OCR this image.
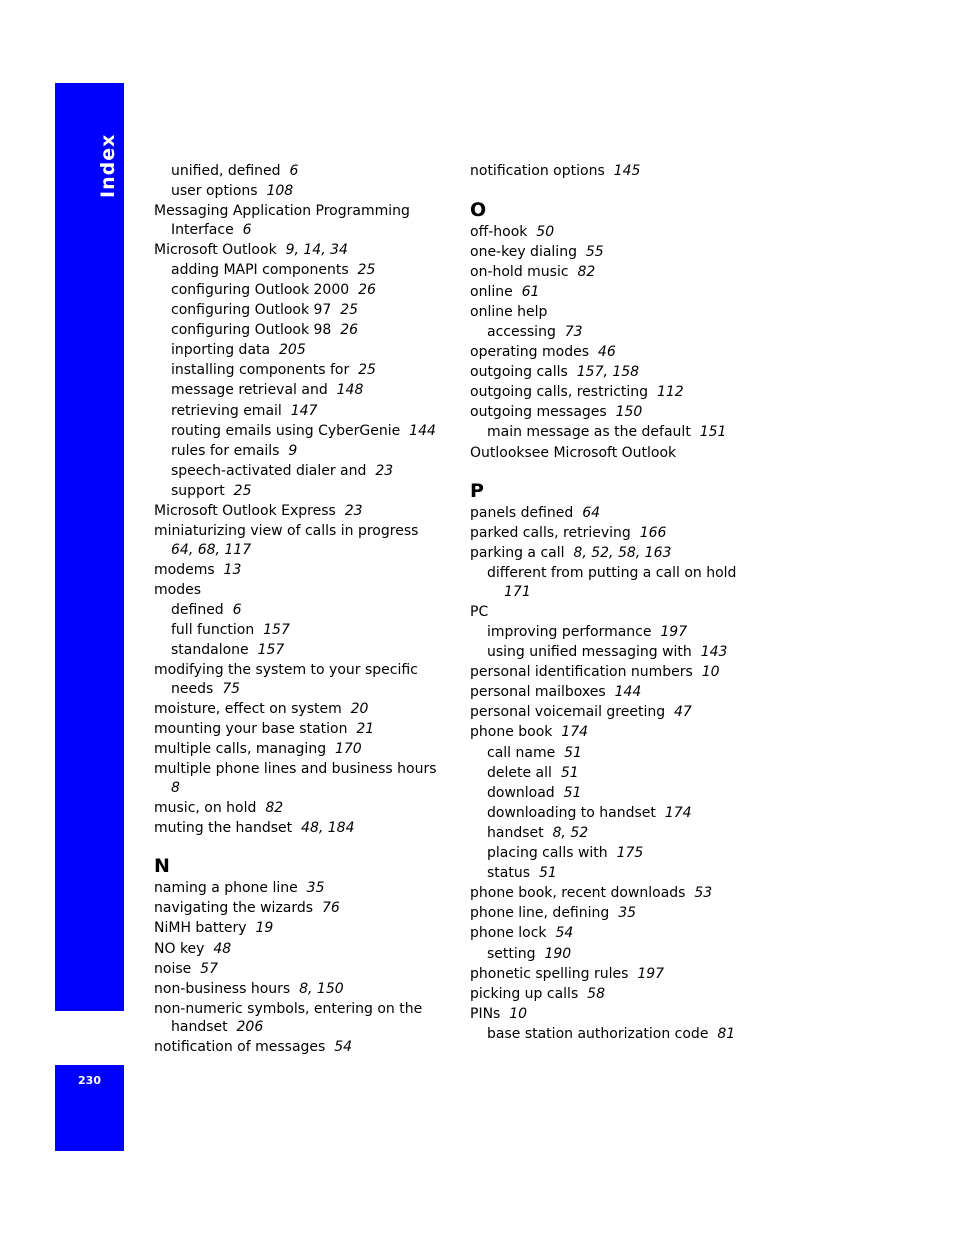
Index
230
unified, defined 6
user options 108
Messaging Application Programming
Interface 6
Microsoft Outlook 9, 14, 34
adding MAPI components 25
configuring Outlook 2000 26
configuring Outlook 97 25
configuring Outlook 98 26
inporting data 205
installing components for 25
message retrieval and 148
retrieving email 147
routing emails using CyberGenie 144
rules for emails 9
speech-activated dialer and 23
support 25
Microsoft Outlook Express 23
miniaturizing view of calls in progress
64, 68, 117
modems 13
modes
defined 6
full function 157
standalone 157
modifying the system to your specific
needs 75
moisture, effect on system 20
mounting your base station 21
multiple calls, managing 170
multiple phone lines and business hours
8
music, on hold 82
muting the handset 48, 184
N
naming a phone line 35
navigating the wizards 76
NiMH battery 19
NO key 48
noise 57
non-business hours 8, 150
non-numeric symbols, entering on the
handset 206
notification of messages 54
notification options 145
O
off-hook 50
one-key dialing 55
on-hold music 82
online 61
online help
accessing 73
operating modes 46
outgoing calls 157, 158
outgoing calls, restricting 112
outgoing messages 150
main message as the default 151
Outlooksee Microsoft Outlook
P
panels defined 64
parked calls, retrieving 166
parking a call 8, 52, 58, 163
different from putting a call on hold
171
PC
improving performance 197
using unified messaging with 143
personal identification numbers 10
personal mailboxes 144
personal voicemail greeting 47
phone book 174
call name 51
delete all 51
download 51
downloading to handset 174
handset 8, 52
placing calls with 175
status 51
phone book, recent downloads 53
phone line, defining 35
phone lock 54
setting 190
phonetic spelling rules 197
picking up calls 58
PINs 10
base station authorization code 81
